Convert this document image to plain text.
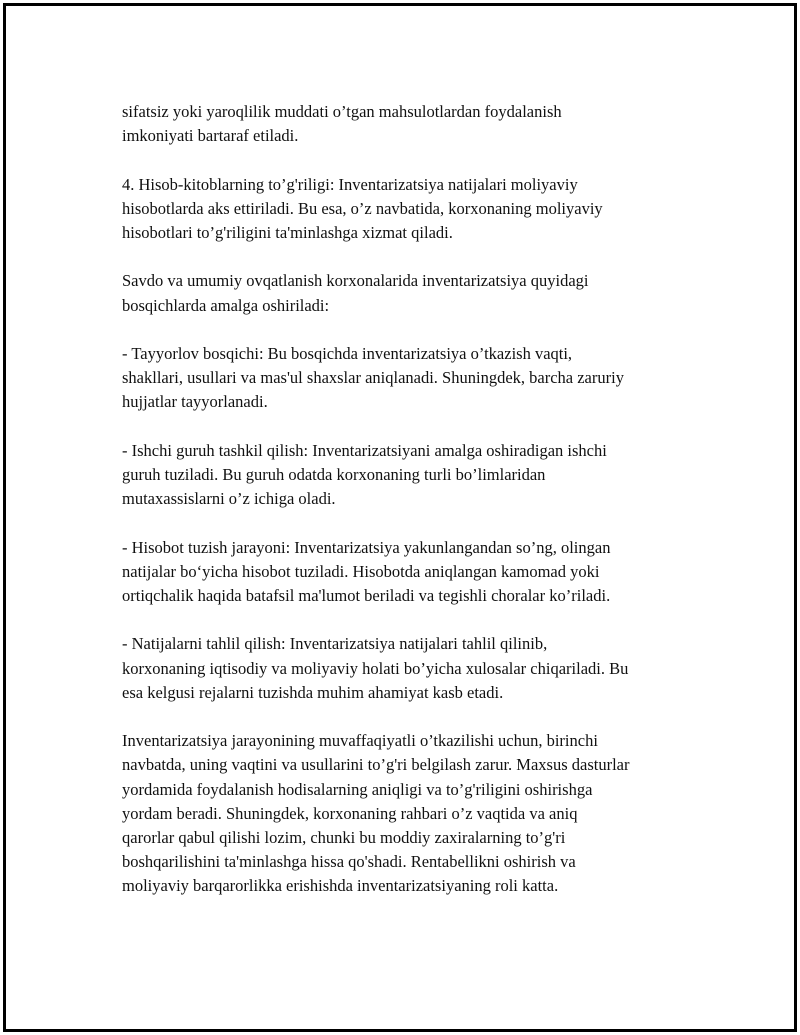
sifatsiz yoki yaroqlilik muddati o’tgan mahsulotlardan foydalanish
imkoniyati bartaraf etiladi.

4. Hisob-kitoblarning to’g'riligi: Inventarizatsiya natijalari moliyaviy
hisobotlarda aks ettiriladi. Bu esa, o’z navbatida, korxonaning moliyaviy
hisobotlari to’g'riligini ta'minlashga xizmat qiladi.

Savdo va umumiy ovqatlanish korxonalarida inventarizatsiya quyidagi
bosqichlarda amalga oshiriladi:

- Tayyorlov bosqichi: Bu bosqichda inventarizatsiya o’tkazish vaqti,
shakllari, usullari va mas'ul shaxslar aniqlanadi. Shuningdek, barcha zaruriy
hujjatlar tayyorlanadi.

- Ishchi guruh tashkil qilish: Inventarizatsiyani amalga oshiradigan ishchi
guruh tuziladi. Bu guruh odatda korxonaning turli bo’limlaridan
mutaxassislarni o’z ichiga oladi.

- Hisobot tuzish jarayoni: Inventarizatsiya yakunlangandan so’ng, olingan
natijalar bo‘yicha hisobot tuziladi. Hisobotda aniqlangan kamomad yoki
ortiqchalik haqida batafsil ma'lumot beriladi va tegishli choralar ko’riladi.

- Natijalarni tahlil qilish: Inventarizatsiya natijalari tahlil qilinib,
korxonaning iqtisodiy va moliyaviy holati bo’yicha xulosalar chiqariladi. Bu
esa kelgusi rejalarni tuzishda muhim ahamiyat kasb etadi.

Inventarizatsiya jarayonining muvaffaqiyatli o’tkazilishi uchun, birinchi
navbatda, uning vaqtini va usullarini to’g'ri belgilash zarur. Maxsus dasturlar
yordamida foydalanish hodisalarning aniqligi va to’g'riligini oshirishga
yordam beradi. Shuningdek, korxonaning rahbari o’z vaqtida va aniq
qarorlar qabul qilishi lozim, chunki bu moddiy zaxiralarning to’g'ri
boshqarilishini ta'minlashga hissa qo'shadi. Rentabellikni oshirish va
moliyaviy barqarorlikka erishishda inventarizatsiyaning roli katta.
